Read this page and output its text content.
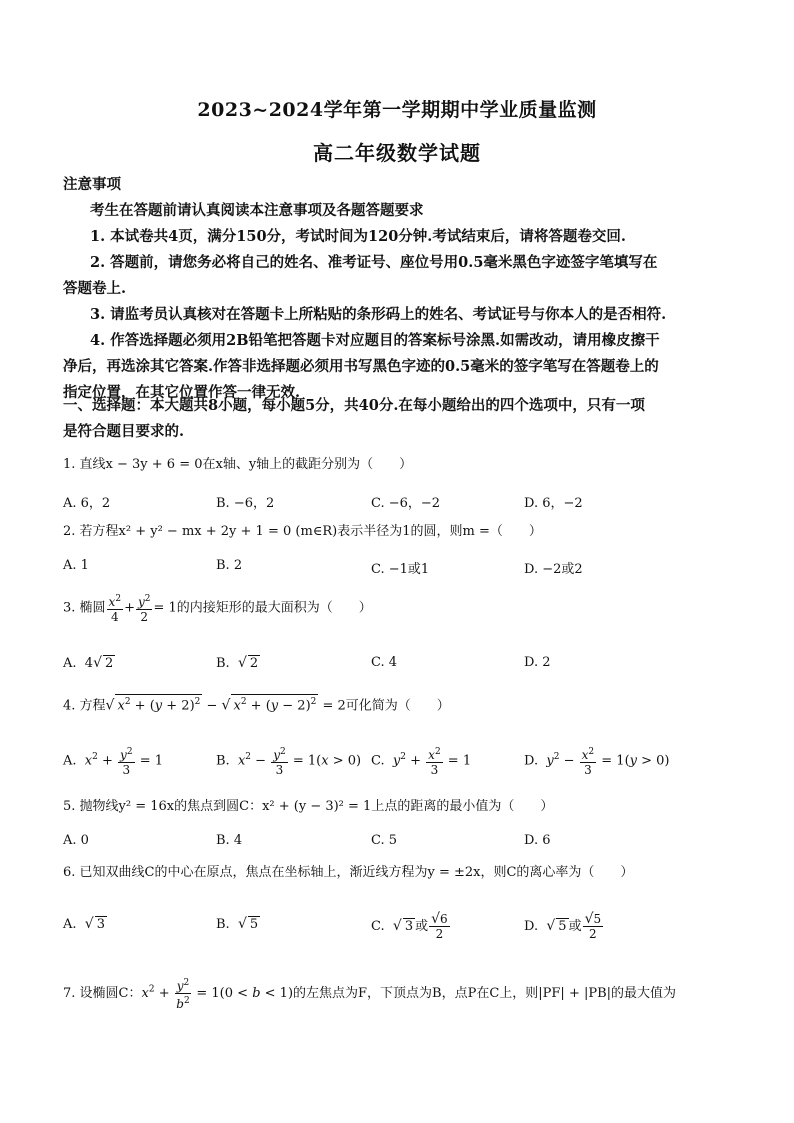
2023~2024学年第一学期期中学业质量监测
高二年级数学试题

注意事项

考生在答题前请认真阅读本注意事项及各题答题要求

1. 本试卷共4页，满分150分，考试时间为120分钟.考试结束后，请将答题卷交回.

2. 答题前，请您务必将自己的姓名、准考证号、座位号用0.5毫米黑色字迹签字笔填写在

答题卷上.

3. 请监考员认真核对在答题卡上所粘贴的条形码上的姓名、考试证号与你本人的是否相符.

4. 作答选择题必须用2B铅笔把答题卡对应题目的答案标号涂黑.如需改动，请用橡皮擦干

净后，再选涂其它答案.作答非选择题必须用书写黑色字迹的0.5毫米的签字笔写在答题卷上的

指定位置，在其它位置作答一律无效.

一、选择题：本大题共8小题，每小题5分，共40分.在每小题给出的四个选项中，只有一项
是符合题目要求的.
1. 直线x − 3y + 6 = 0在x轴、y轴上的截距分别为（　　）
A. 6，2	B. −6，2	C. −6，−2	D. 6，−2
2. 若方程x² + y² − mx + 2y + 1 = 0 (m∈R)表示半径为1的圆，则m =（　　）
A. 1	B. 2	C. −1或1	D. −2或2
3. 椭圆 $\frac{x^2}{4} + \frac{y^2}{2} = 1$的内接矩形的最大面积为（　　）
A.  4√ 2	B.  √ 2	C. 4	D. 2
4. 方程√ $x^2 + (y + 2)^2$ − √ $x^2 + (y - 2)^2 = 2$可化简为（　　）
A.  $x^2 + \frac{y^2}{3} = 1$	B.  $x^2 - \frac{y^2}{3} = 1(x > 0)$ C.  $y^2 + \frac{x^2}{3} = 1$	D.  $y^2 - \frac{x^2}{3} = 1(y > 0)$
5. 抛物线y² = 16x的焦点到圆C：x² + (y − 3)² = 1上点的距离的最小值为（　　）
A. 0	B. 4	C. 5	D. 6
6. 已知双曲线C的中心在原点，焦点在坐标轴上，渐近线方程为y = ±2x，则C的离心率为（　　）
A.  √ 3	B.  √ 5	C.  √ 3 或 $\frac{√6}{2}$	D.  √ 5 或 $\frac{√5}{2}$
7. 设椭圆C：$x^2 + \frac{y^2}{b^2} = 1(0 < b < 1)$的左焦点为F，下顶点为B，点P在C上，则|PF| + |PB|的最大值为
